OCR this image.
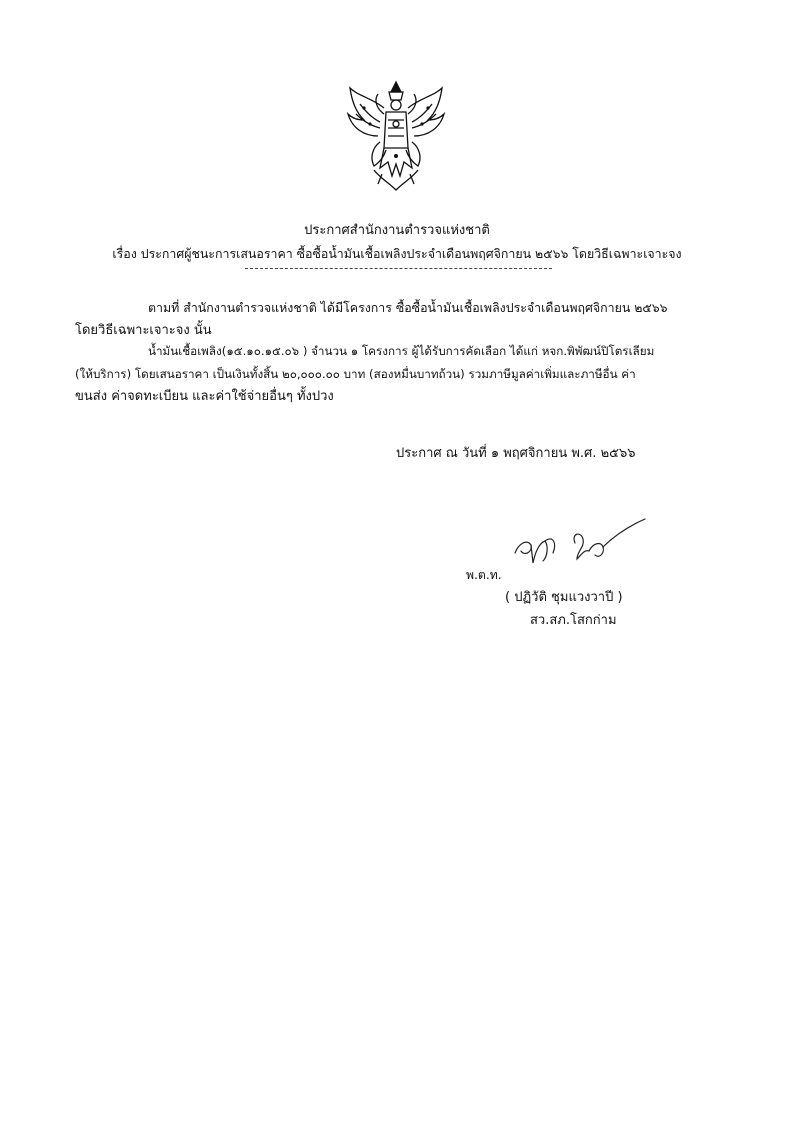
ประกาศสำนักงานตำรวจแห่งชาติ
เรื่อง ประกาศผู้ชนะการเสนอราคา ซื้อซื้อน้ำมันเชื้อเพลิงประจำเดือนพฤศจิกายน ๒๕๖๖ โดยวิธีเฉพาะเจาะจง
ตามที่ สำนักงานตำรวจแห่งชาติ ได้มีโครงการ ซื้อซื้อน้ำมันเชื้อเพลิงประจำเดือนพฤศจิกายน ๒๕๖๖
โดยวิธีเฉพาะเจาะจง นั้น
น้ำมันเชื้อเพลิง(๑๕.๑๐.๑๕.๐๖ ) จำนวน ๑ โครงการ ผู้ได้รับการคัดเลือก ได้แก่ หจก.พิพัฒน์ปิโตรเลียม
(ให้บริการ) โดยเสนอราคา เป็นเงินทั้งสิ้น ๒๐,๐๐๐.๐๐ บาท (สองหมื่นบาทถ้วน) รวมภาษีมูลค่าเพิ่มและภาษีอื่น ค่า
ขนส่ง ค่าจดทะเบียน และค่าใช้จ่ายอื่นๆ ทั้งปวง
ประกาศ ณ วันที่ ๑ พฤศจิกายน พ.ศ. ๒๕๖๖
พ.ต.ท.
( ปฏิวัติ ชุมแวงวาปี )
สว.สภ.โสกก่าม
